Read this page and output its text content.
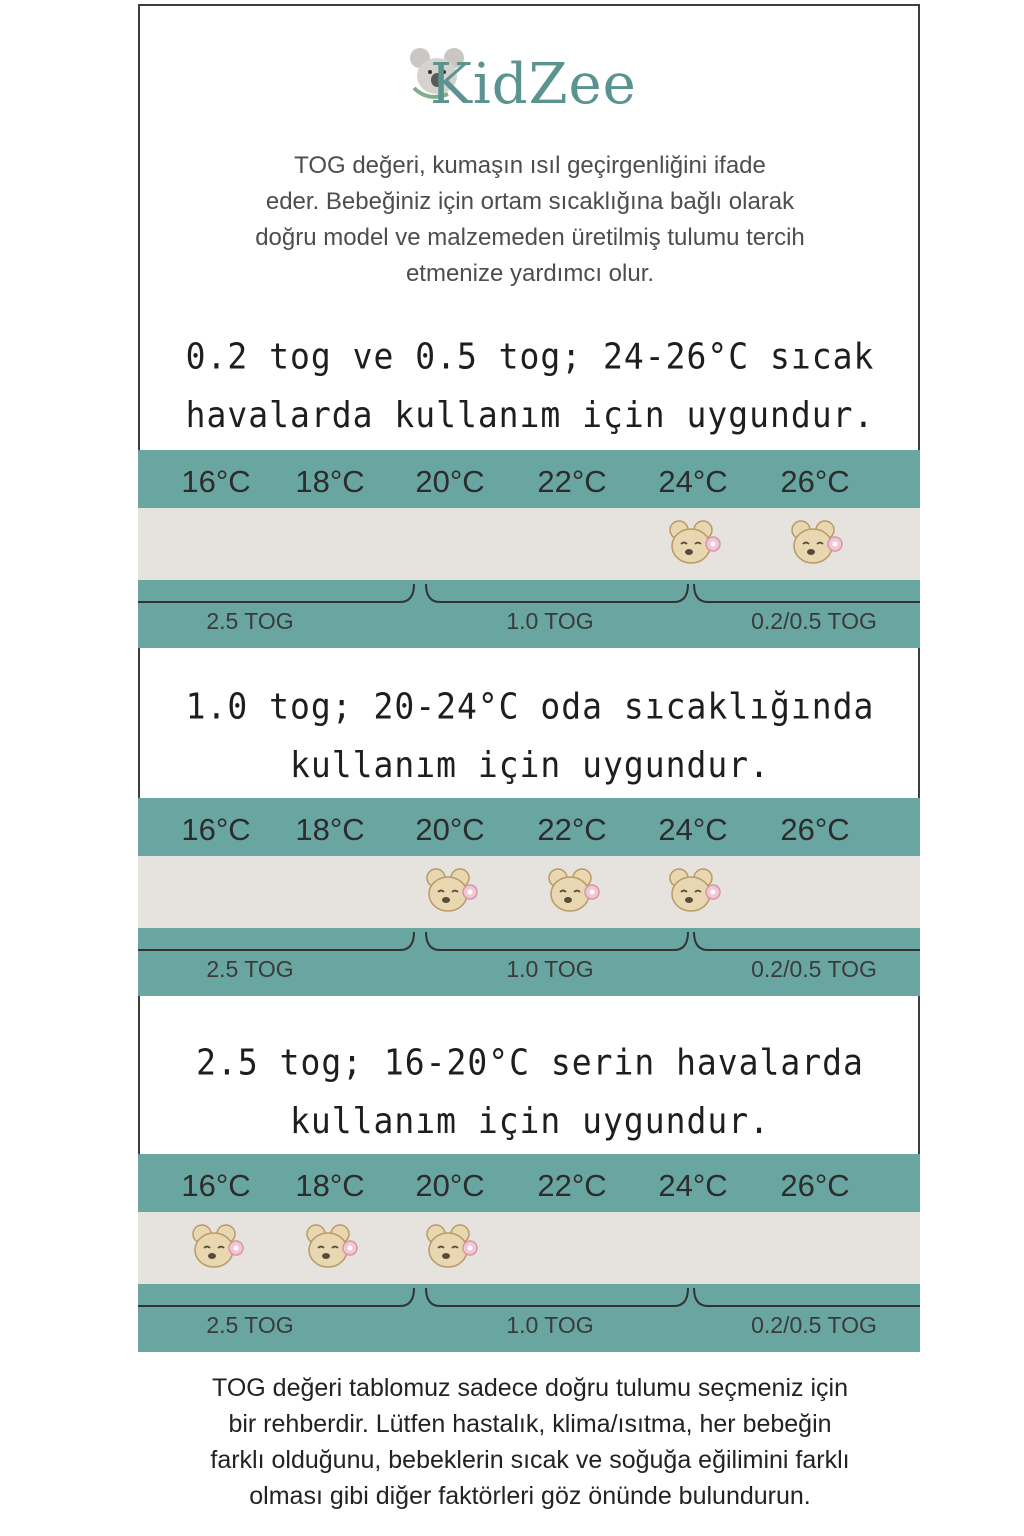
KidZee
TOG değeri, kumaşın ısıl geçirgenliğini ifade
eder. Bebeğiniz için ortam sıcaklığına bağlı olarak
doğru model ve malzemeden üretilmiş tulumu tercih
etmenize yardımcı olur.
0.2 tog ve 0.5 tog; 24-26°C sıcak
havalarda kullanım için uygundur.
1.0 tog; 20-24°C oda sıcaklığında
kullanım için uygundur.
2.5 tog; 16-20°C serin havalarda
kullanım için uygundur.
16°C	18°C	20°C	22°C	24°C	26°C
2.5 TOG	1.0 TOG	0.2/0.5 TOG
16°C	18°C	20°C	22°C	24°C	26°C
2.5 TOG	1.0 TOG	0.2/0.5 TOG
16°C	18°C	20°C	22°C	24°C	26°C
2.5 TOG	1.0 TOG	0.2/0.5 TOG
TOG değeri tablomuz sadece doğru tulumu seçmeniz için
bir rehberdir. Lütfen hastalık, klima/ısıtma, her bebeğin
farklı olduğunu, bebeklerin sıcak ve soğuğa eğilimini farklı
olması gibi diğer faktörleri göz önünde bulundurun.
